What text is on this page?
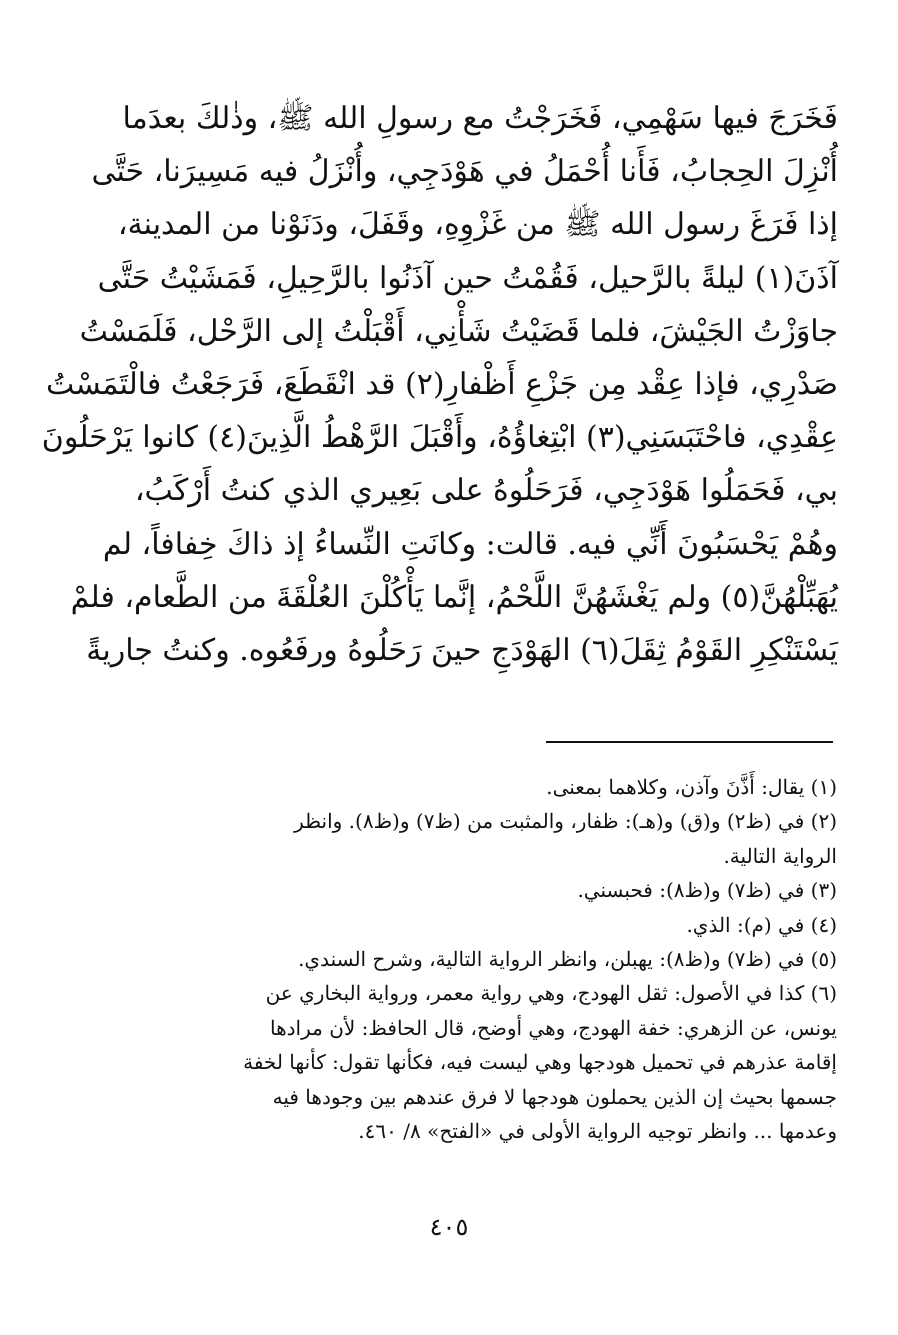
فَخَرَجَ فيها سَهْمِي، فَخَرَجْتُ مع رسولِ الله ﷺ، وذٰلكَ بعدَما
أُنْزِلَ الحِجابُ، فَأَنا أُحْمَلُ في هَوْدَجِي، وأُنْزَلُ فيه مَسِيرَنا، حَتَّى
إذا فَرَغَ رسول الله ﷺ من غَزْوِهِ، وقَفَلَ، ودَنَوْنا من المدينة،
آذَنَ(١) ليلةً بالرَّحيل، فَقُمْتُ حين آذَنُوا بالرَّحِيلِ، فَمَشَيْتُ حَتَّى
جاوَزْتُ الجَيْشَ، فلما قَضَيْتُ شَأْنِي، أَقْبَلْتُ إلى الرَّحْل، فَلَمَسْتُ
صَدْرِي، فإذا عِقْد مِن جَزْعِ أَظْفارِ(٢) قد انْقَطَعَ، فَرَجَعْتُ فالْتَمَسْتُ
عِقْدِي، فاحْتَبَسَنِي(٣) ابْتِغاؤُهُ، وأَقْبَلَ الرَّهْطُ الَّذِينَ(٤) كانوا يَرْحَلُونَ
بي، فَحَمَلُوا هَوْدَجِي، فَرَحَلُوهُ على بَعِيري الذي كنتُ أَرْكَبُ،
وهُمْ يَحْسَبُونَ أَنِّي فيه. قالت: وكانَتِ النِّساءُ إذ ذاكَ خِفافاً، لم
يُهَبِّلْهُنَّ(٥) ولم يَغْشَهُنَّ اللَّحْمُ، إنَّما يَأْكُلْنَ العُلْقَةَ من الطَّعام، فلمْ
يَسْتَنْكِرِ القَوْمُ ثِقَلَ(٦) الهَوْدَجِ حينَ رَحَلُوهُ ورفَعُوه. وكنتُ جاريةً
(١) يقال: أَذَّنَ وآذن، وكلاهما بمعنى.
(٢) في (ظ٢) و(ق) و(هـ): ظفار، والمثبت من (ظ٧) و(ظ٨). وانظر
الرواية التالية.
(٣) في (ظ٧) و(ظ٨): فحبسني.
(٤) في (م): الذي.
(٥) في (ظ٧) و(ظ٨): يهبلن، وانظر الرواية التالية، وشرح السندي.
(٦) كذا في الأصول: ثقل الهودج، وهي رواية معمر، ورواية البخاري عن
يونس، عن الزهري: خفة الهودج، وهي أوضح، قال الحافظ: لأن مرادها
إقامة عذرهم في تحميل هودجها وهي ليست فيه، فكأنها تقول: كأنها لخفة
جسمها بحيث إن الذين يحملون هودجها لا فرق عندهم بين وجودها فيه
وعدمها ... وانظر توجيه الرواية الأولى في «الفتح» ٨/ ٤٦٠.
٤٠٥
